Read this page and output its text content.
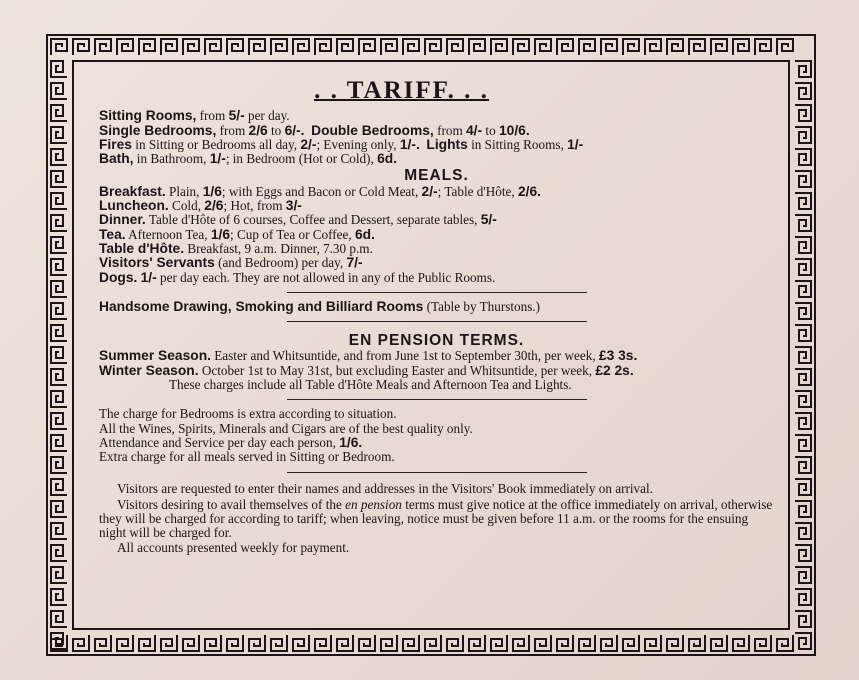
. . TARIFF. . .
Sitting Rooms, from 5/- per day.
Single Bedrooms, from 2/6 to 6/-. Double Bedrooms, from 4/- to 10/6.
Fires in Sitting or Bedrooms all day, 2/-; Evening only, 1/-. Lights in Sitting Rooms, 1/-
Bath, in Bathroom, 1/-; in Bedroom (Hot or Cold), 6d.
MEALS.
Breakfast. Plain, 1/6; with Eggs and Bacon or Cold Meat, 2/-; Table d'Hôte, 2/6.
Luncheon. Cold, 2/6; Hot, from 3/-
Dinner. Table d'Hôte of 6 courses, Coffee and Dessert, separate tables, 5/-
Tea. Afternoon Tea, 1/6; Cup of Tea or Coffee, 6d.
Table d'Hôte. Breakfast, 9 a.m. Dinner, 7.30 p.m.
Visitors' Servants (and Bedroom) per day, 7/-
Dogs. 1/- per day each. They are not allowed in any of the Public Rooms.
Handsome Drawing, Smoking and Billiard Rooms (Table by Thurstons.)
EN PENSION TERMS.
Summer Season. Easter and Whitsuntide, and from June 1st to September 30th, per week, £3 3s.
Winter Season. October 1st to May 31st, but excluding Easter and Whitsuntide, per week, £2 2s.
These charges include all Table d'Hôte Meals and Afternoon Tea and Lights.
The charge for Bedrooms is extra according to situation.
All the Wines, Spirits, Minerals and Cigars are of the best quality only.
Attendance and Service per day each person, 1/6.
Extra charge for all meals served in Sitting or Bedroom.
Visitors are requested to enter their names and addresses in the Visitors' Book immediately on arrival.
Visitors desiring to avail themselves of the en pension terms must give notice at the office immediately on arrival, otherwise they will be charged for according to tariff; when leaving, notice must be given before 11 a.m. or the rooms for the ensuing night will be charged for.
All accounts presented weekly for payment.
